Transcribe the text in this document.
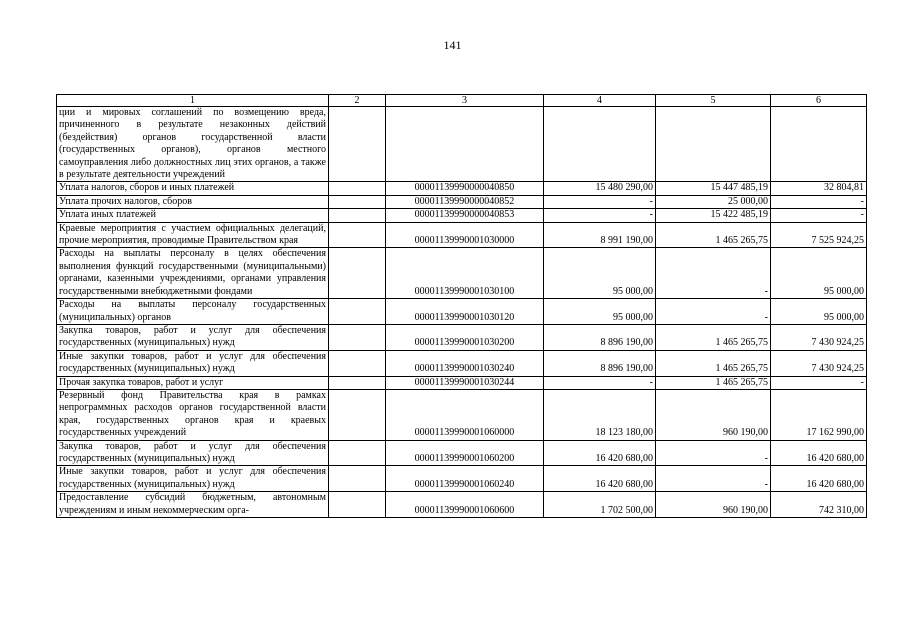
141
1	2	3	4	5	6
ции и мировых соглашений по возмещению вреда, причиненного в результате незаконных действий (бездействия) органов государственной власти (государственных органов), органов местного самоуправления либо должностных лиц этих органов, а также в результате деятельности учреждений					
Уплата налогов, сборов и иных платежей		00001139990000040850	15 480 290,00	15 447 485,19	32 804,81
Уплата прочих налогов, сборов		00001139990000040852	-	25 000,00	-
Уплата иных платежей		00001139990000040853	-	15 422 485,19	-
Краевые мероприятия с участием официальных делегаций, прочие мероприятия, проводимые Правительством края		00001139990001030000	8 991 190,00	1 465 265,75	7 525 924,25
Расходы на выплаты персоналу в целях обеспечения выполнения функций государственными (муниципальными) органами, казенными учреждениями, органами управления государственными внебюджетными фондами		00001139990001030100	95 000,00	-	95 000,00
Расходы на выплаты персоналу государственных (муниципальных) органов		00001139990001030120	95 000,00	-	95 000,00
Закупка товаров, работ и услуг для обеспечения государственных (муниципальных) нужд		00001139990001030200	8 896 190,00	1 465 265,75	7 430 924,25
Иные закупки товаров, работ и услуг для обеспечения государственных (муниципальных) нужд		00001139990001030240	8 896 190,00	1 465 265,75	7 430 924,25
Прочая закупка товаров, работ и услуг		00001139990001030244	-	1 465 265,75	-
Резервный фонд Правительства края в рамках непрограммных расходов органов государственной власти края, государственных органов края и краевых государственных учреждений		00001139990001060000	18 123 180,00	960 190,00	17 162 990,00
Закупка товаров, работ и услуг для обеспечения государственных (муниципальных) нужд		00001139990001060200	16 420 680,00	-	16 420 680,00
Иные закупки товаров, работ и услуг для обеспечения государственных (муниципальных) нужд		00001139990001060240	16 420 680,00	-	16 420 680,00
Предоставление субсидий бюджетным, автономным учреждениям и иным некоммерческим орга-		00001139990001060600	1 702 500,00	960 190,00	742 310,00
